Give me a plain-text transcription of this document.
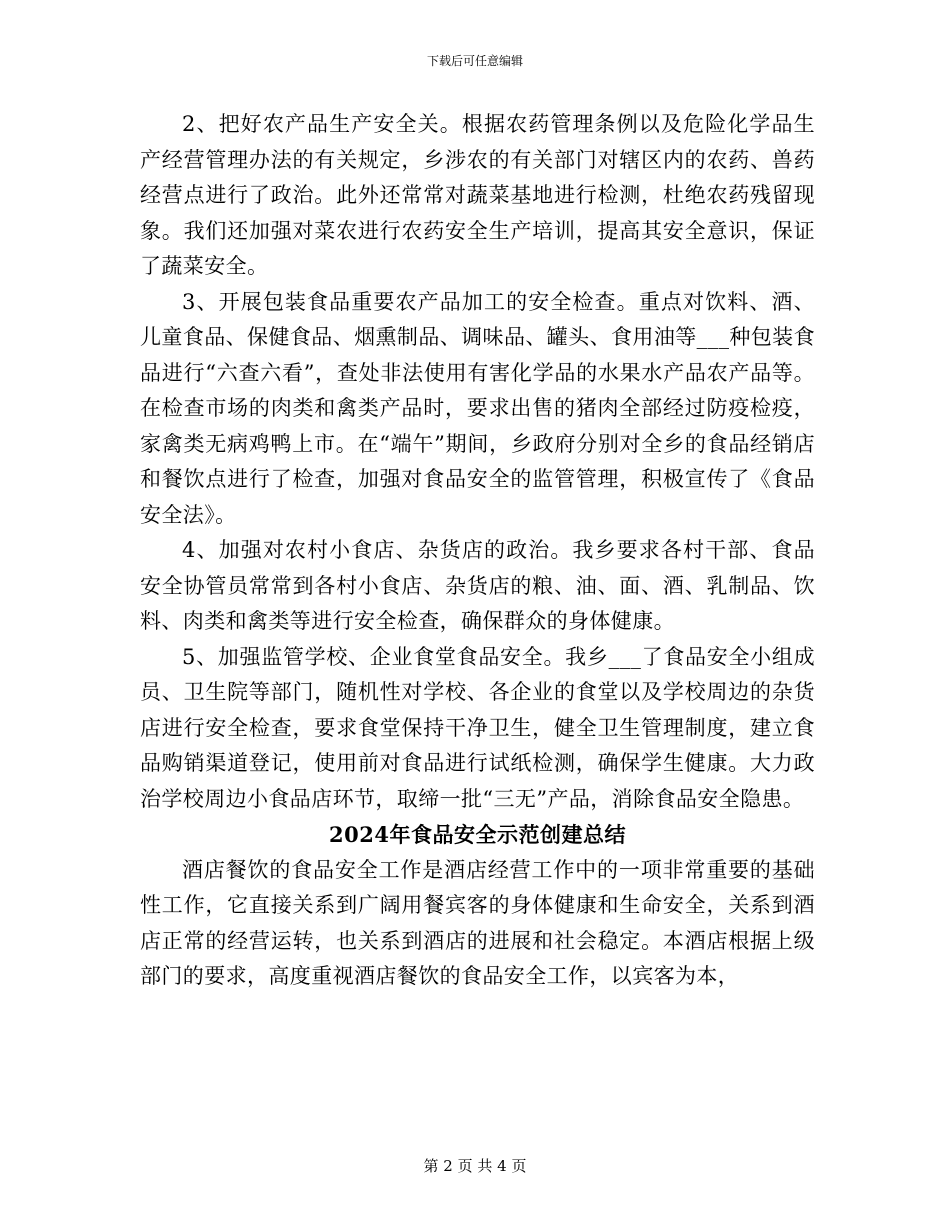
下载后可任意编辑

2、把好农产品生产安全关。根据农药管理条例以及危险化学品生产经营管理办法的有关规定，乡涉农的有关部门对辖区内的农药、兽药经营点进行了政治。此外还常常对蔬菜基地进行检测，杜绝农药残留现象。我们还加强对菜农进行农药安全生产培训，提高其安全意识，保证了蔬菜安全。

3、开展包装食品重要农产品加工的安全检查。重点对饮料、酒、儿童食品、保健食品、烟熏制品、调味品、罐头、食用油等___种包装食品进行“六查六看”，查处非法使用有害化学品的水果水产品农产品等。在检查市场的肉类和禽类产品时，要求出售的猪肉全部经过防疫检疫，家禽类无病鸡鸭上市。在“端午”期间，乡政府分别对全乡的食品经销店和餐饮点进行了检查，加强对食品安全的监管管理，积极宣传了《食品安全法》。

4、加强对农村小食店、杂货店的政治。我乡要求各村干部、食品安全协管员常常到各村小食店、杂货店的粮、油、面、酒、乳制品、饮料、肉类和禽类等进行安全检查，确保群众的身体健康。

5、加强监管学校、企业食堂食品安全。我乡___了食品安全小组成员、卫生院等部门，随机性对学校、各企业的食堂以及学校周边的杂货店进行安全检查，要求食堂保持干净卫生，健全卫生管理制度，建立食品购销渠道登记，使用前对食品进行试纸检测，确保学生健康。大力政治学校周边小食品店环节，取缔一批“三无”产品，消除食品安全隐患。

2024年食品安全示范创建总结

酒店餐饮的食品安全工作是酒店经营工作中的一项非常重要的基础性工作，它直接关系到广阔用餐宾客的身体健康和生命安全，关系到酒店正常的经营运转，也关系到酒店的进展和社会稳定。本酒店根据上级部门的要求，高度重视酒店餐饮的食品安全工作，以宾客为本，

第 2 页 共 4 页
